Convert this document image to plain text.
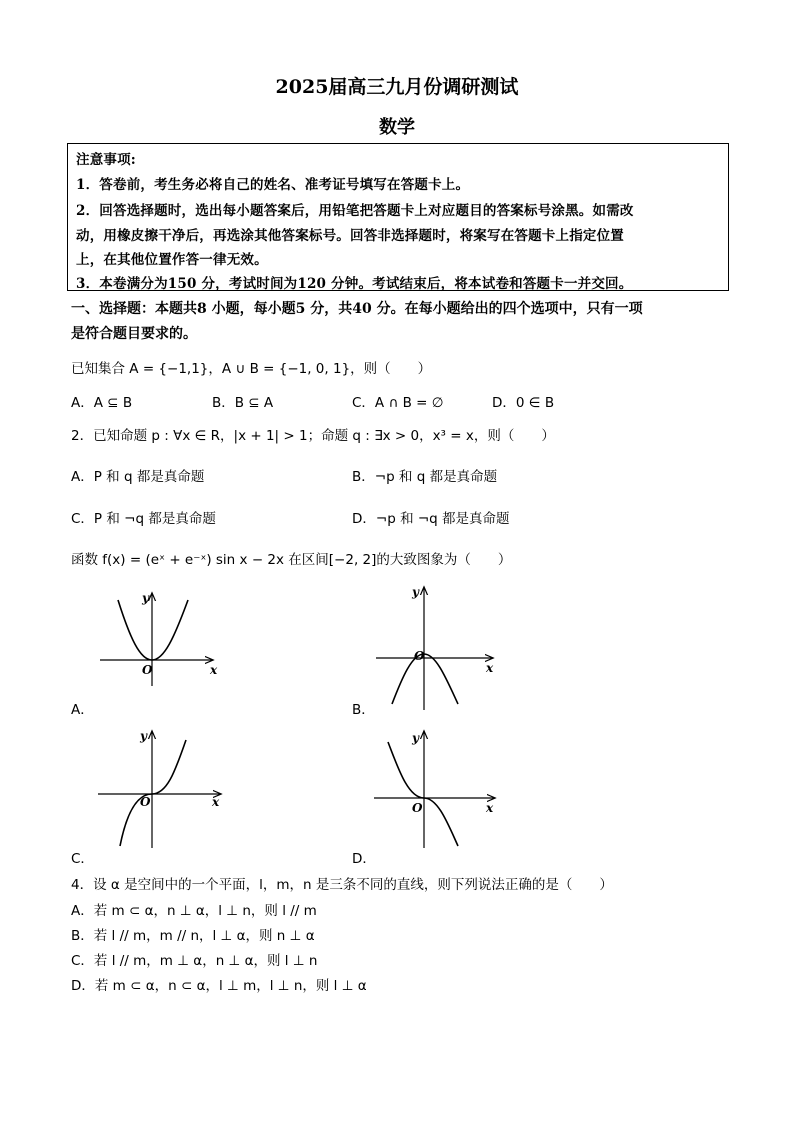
2025届高三九月份调研测试
数学
注意事项:
1．答卷前，考生务必将自己的姓名、准考证号填写在答题卡上。
2．回答选择题时，选出每小题答案后，用铅笔把答题卡上对应题目的答案标号涂黑。如需改
动，用橡皮擦干净后，再选涂其他答案标号。回答非选择题时，将案写在答题卡上指定位置
上，在其他位置作答一律无效。
3．本卷满分为150 分，考试时间为120 分钟。考试结束后，将本试卷和答题卡一并交回。
一、选择题：本题共8 小题，每小题5 分，共40 分。在每小题给出的四个选项中，只有一项
是符合题目要求的。
已知集合 A = {−1,1}，A ∪ B = {−1, 0, 1}，则（　　）
A．A ⊆ B	B．B ⊆ A	C．A ∩ B = ∅	D．0 ∈ B
2．已知命题 p : ∀x ∈ R，|x + 1| > 1；命题 q : ∃x > 0，x³ = x，则（　　）
A．P 和 q 都是真命题	B．¬p 和 q 都是真命题
C．P 和 ¬q 都是真命题	D．¬p 和 ¬q 都是真命题
函数 f(x) = (eˣ + e⁻ˣ) sin x − 2x 在区间[−2, 2]的大致图象为（　　）
y
x
O
A．
y
x
O
B．
y
x
O
C．
y
x
O
D．
4．设 α 是空间中的一个平面，l，m，n 是三条不同的直线，则下列说法正确的是（　　）
A．若 m ⊂ α，n ⊥ α，l ⊥ n，则 l // m
B．若 l // m，m // n，l ⊥ α，则 n ⊥ α
C．若 l // m，m ⊥ α，n ⊥ α，则 l ⊥ n
D．若 m ⊂ α，n ⊂ α，l ⊥ m，l ⊥ n，则 l ⊥ α
